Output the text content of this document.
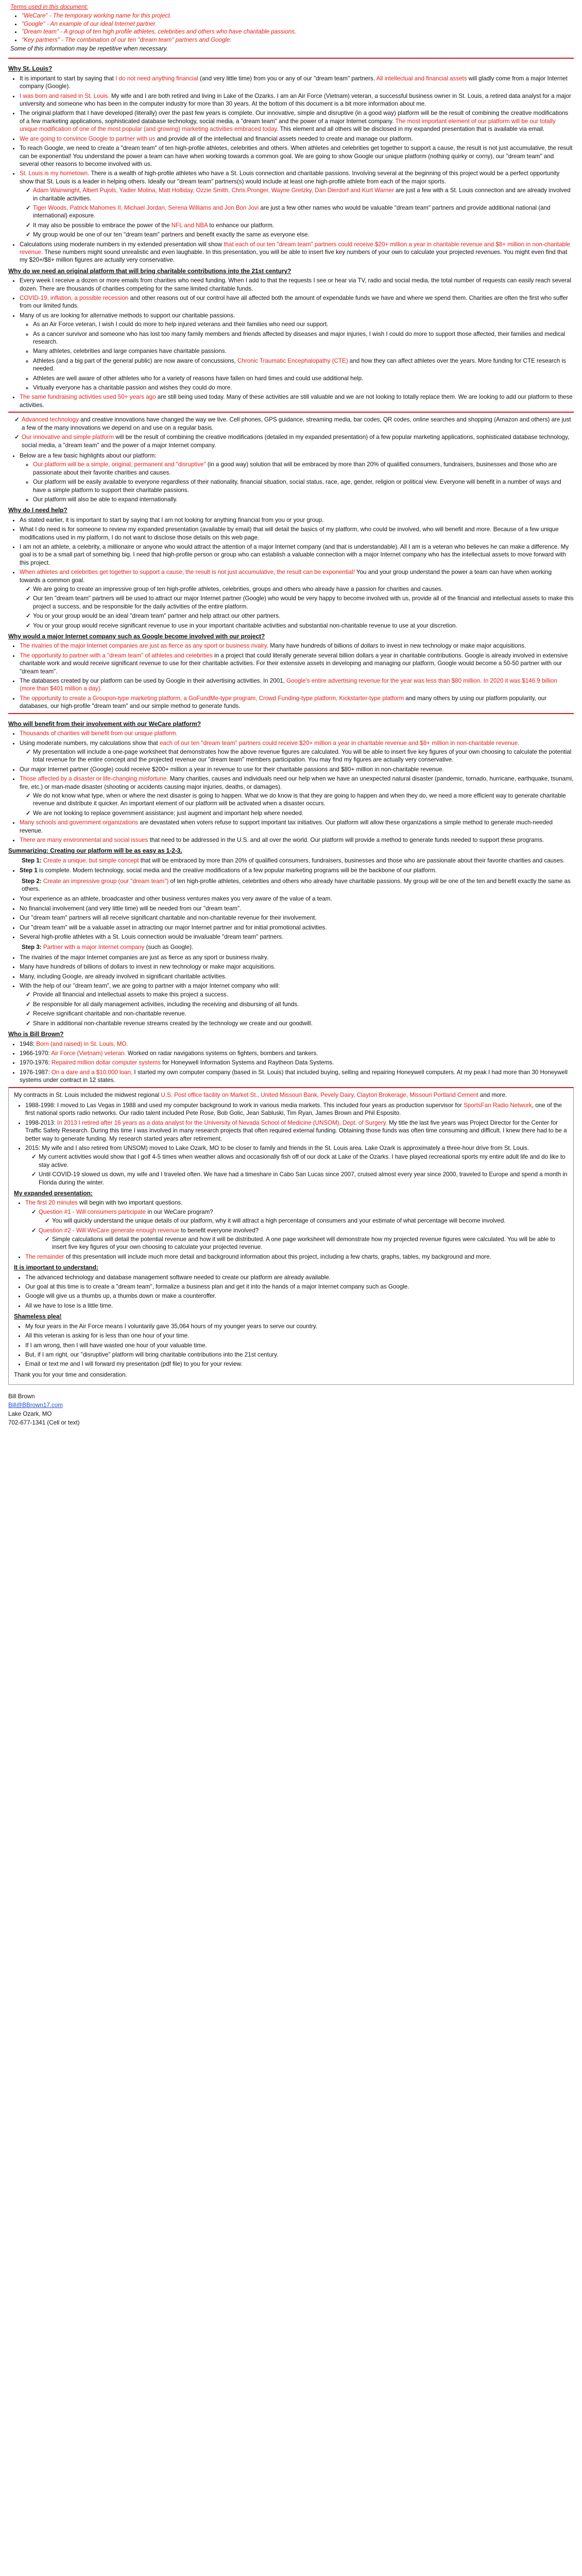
Terms used in this document:

• "WeCare" - The temporary working name for this project.
• "Google" - An example of our ideal Internet partner.
• "Dream team" - A group of ten high profile athletes, celebrities and others who have charitable passions.
• "Key partners" - The combination of our ten "dream team" partners and Google.

Some of this information may be repetitive when necessary.

Why St. Louis?
• It is important to start by saying that I do not need anything financial (and very little time) from you or any of our "dream team" partners. All intellectual and financial assets will gladly come from a major Internet company (Google).
• I was born and raised in St. Louis. My wife and I are both retired and living in Lake of the Ozarks. I am an Air Force (Vietnam) veteran, a successful business owner in St. Louis, a retired data analyst for a major university and someone who has been in the computer industry for more than 30 years. At the bottom of this document is a bit more information about me.
• The original platform that I have developed (literally) over the past few years is complete. Our innovative, simple and disruptive (in a good way) platform will be the result of combining the creative modifications of a few marketing applications, sophisticated database technology, social media, a "dream team" and the power of a major Internet company. The most important element of our platform will be our totally unique modification of one of the most popular (and growing) marketing activities embraced today. This element and all others will be disclosed in my expanded presentation that is available via email.
• We are going to convince Google to partner with us and provide all of the intellectual and financial assets needed to create and manage our platform.
• To reach Google, we need to create a "dream team" of ten high-profile athletes, celebrities and others. When athletes and celebrities get together to support a cause, the result is not just accumulative, the result can be exponential! You understand the power a team can have when working towards a common goal. We are going to show Google our unique platform (nothing quirky or corny), our "dream team" and several other reasons to become involved with us.
• St. Louis is my hometown. There is a wealth of high-profile athletes who have a St. Louis connection and charitable passions. Involving several at the beginning of this project would be a perfect opportunity show that St. Louis is a leader in helping others. Ideally our "dream team" partners(s) would include at least one high-profile athlete from each of the major sports.
✓ Adam Wainwright, Albert Pujols, Yadier Molina, Matt Holliday, Ozzie Smith, Chris Pronger, Wayne Gretzky, Dan Dierdorf and Kurt Warner are just a few with a St. Louis connection and are already involved in charitable activities.
✓ Tiger Woods, Patrick Mahomes II, Michael Jordan, Serena Williams and Jon Bon Jovi are just a few other names who would be valuable "dream team" partners and provide additional national (and international) exposure.
✓ It may also be possible to embrace the power of the NFL and NBA to enhance our platform.
✓ My group would be one of our ten "dream team" partners and benefit exactly the same as everyone else.
• Calculations using moderate numbers in my extended presentation will show that each of our ten "dream team" partners could receive $20+ million a year in charitable revenue and $8+ million in non-charitable revenue. These numbers might sound unrealistic and even laughable. In this presentation, you will be able to insert five key numbers of your own to calculate your projected revenues. You might even find that my $20+/$8+ million figures are actually very conservative.
Why do we need an original platform that will bring charitable contributions into the 21st century?
• Every week I receive a dozen or more emails from charities who need funding. When I add to that the requests I see or hear via TV, radio and social media, the total number of requests can easily reach several dozen. There are thousands of charities competing for the same limited charitable funds.
• COVID-19, inflation, a possible recession and other reasons out of our control have all affected both the amount of expendable funds we have and where we spend them. Charities are often the first who suffer from our limited funds.
• Many of us are looking for alternative methods to support our charitable passions.
◦ As an Air Force veteran, I wish I could do more to help injured veterans and their families who need our support.
◦ As a cancer survivor and someone who has lost too many family members and friends affected by diseases and major injuries, I wish I could do more to support those affected, their families and medical research.
◦ Many athletes, celebrities and large companies have charitable passions.
◦ Athletes (and a big part of the general public) are now aware of concussions, Chronic Traumatic Encephalopathy (CTE) and how they can affect athletes over the years. More funding for CTE research is needed.
◦ Athletes are well aware of other athletes who for a variety of reasons have fallen on hard times and could use additional help.
◦ Virtually everyone has a charitable passion and wishes they could do more.
• The same fundraising activities used 50+ years ago are still being used today. Many of these activities are still valuable and we are not looking to totally replace them. We are looking to add our platform to these activities.
✓ Advanced technology and creative innovations have changed the way we live. Cell phones, GPS guidance, streaming media, bar codes, QR codes, online searches and shopping (Amazon and others) are just a few of the many innovations we depend on and use on a regular basis.
✓ Our innovative and simple platform will be the result of combining the creative modifications (detailed in my expanded presentation) of a few popular marketing applications, sophisticated database technology, social media, a "dream team" and the power of a major Internet company.
• Below are a few basic highlights about our platform:
◦ Our platform will be a simple, original, permanent and "disruptive" (in a good way) solution that will be embraced by more than 20% of qualified consumers, fundraisers, businesses and those who are passionate about their favorite charities and causes.
◦ Our platform will be easily available to everyone regardless of their nationality, financial situation, social status, race, age, gender, religion or political view. Everyone will benefit in a number of ways and have a simple platform to support their charitable passions.
◦ Our platform will also be able to expand internationally.
Why do I need help?
• As stated earlier, it is important to start by saying that I am not looking for anything financial from you or your group.
• What I do need is for someone to review my expanded presentation (available by email) that will detail the basics of my platform, who could be involved, who will benefit and more. Because of a few unique modifications used in my platform, I do not want to disclose those details on this web page.
• I am not an athlete, a celebrity, a millionaire or anyone who would attract the attention of a major Internet company (and that is understandable). All I am is a veteran who believes he can make a difference. My goal is to be a small part of something big. I need that high-profile person or group who can establish a valuable connection with a major Internet company who has the intellectual assets to move forward with this project.
• When athletes and celebrities get together to support a cause, the result is not just accumulative, the result can be exponential! You and your group understand the power a team can have when working towards a common goal.
✓ We are going to create an impressive group of ten high-profile athletes, celebrities, groups and others who already have a passion for charities and causes.
✓ Our ten "dream team" partners will be used to attract our major Internet partner (Google) who would be very happy to become involved with us, provide all of the financial and intellectual assets to make this project a success, and be responsible for the daily activities of the entire platform.
✓ You or your group would be an ideal "dream team" partner and help attract our other partners.
✓ You or your group would receive significant revenue to use in your important charitable activities and substantial non-charitable revenue to use at your discretion.
Why would a major Internet company such as Google become involved with our project?
• The rivalries of the major Internet companies are just as fierce as any sport or business rivalry. Many have hundreds of billions of dollars to invest in new technology or make major acquisitions.
• The opportunity to partner with a "dream team" of athletes and celebrities in a project that could literally generate several billion dollars a year in charitable contributions. Google is already involved in extensive charitable work and would receive significant revenue to use for their charitable activities. For their extensive assets in developing and managing our platform, Google would become a 50-50 partner with our "dream team".
• The databases created by our platform can be used by Google in their advertising activities. In 2001, Google's entire advertising revenue for the year was less than $80 million. In 2020 it was $146.9 billion (more than $401 million a day).
• The opportunity to create a Groupon-type marketing platform, a GoFundMe-type program, Crowd Funding-type platform, Kickstarter-type platform and many others by using our platform popularity, our databases, our high-profile "dream team" and our simple method to generate funds.
Who will benefit from their involvement with our WeCare platform?
• Thousands of charities will benefit from our unique platform.
• Using moderate numbers, my calculations show that each of our ten "dream team" partners could receive $20+ million a year in charitable revenue and $8+ million in non-charitable revenue.
✓ My presentation will include a one-page worksheet that demonstrates how the above revenue figures are calculated. You will be able to insert five key figures of your own choosing to calculate the potential total revenue for the entire concept and the projected revenue our "dream team" members participation. You may find my figures are actually very conservative.
• Our major Internet partner (Google) could receive $200+ million a year in revenue to use for their charitable passions and $80+ million in non-charitable revenue.
• Those affected by a disaster or life-changing misfortune. Many charities, causes and individuals need our help when we have an unexpected natural disaster (pandemic, tornado, hurricane, earthquake, tsunami, fire, etc.) or man-made disaster (shooting or accidents causing major injuries, deaths, or damages).
✓ We do not know what type, when or where the next disaster is going to happen. What we do know is that they are going to happen and when they do, we need a more efficient way to generate charitable revenue and distribute it quicker. An important element of our platform will be activated when a disaster occurs.
✓ We are not looking to replace government assistance; just augment and important help where needed.
• Many schools and government organizations are devastated when voters refuse to support important tax initiatives. Our platform will allow these organizations a simple method to generate much-needed revenue.
• There are many environmental and social issues that need to be addressed in the U.S. and all over the world. Our platform will provide a method to generate funds needed to support these programs.
Summarizing: Creating our platform will be as easy as 1-2-3.
Step 1: Create a unique, but simple concept that will be embraced by more than 20% of qualified consumers, fundraisers, businesses and those who are passionate about their favorite charities and causes.
• Step 1 is complete. Modern technology, social media and the creative modifications of a few popular marketing programs will be the backbone of our platform.
Step 2: Create an impressive group (our "dream team") of ten high-profile athletes, celebrities and others who already have charitable passions. My group will be one of the ten and benefit exactly the same as others.
• Your experience as an athlete, broadcaster and other business ventures makes you very aware of the value of a team.
• No financial involvement (and very little time) will be needed from our "dream team".
• Our "dream team" partners will all receive significant charitable and non-charitable revenue for their involvement.
• Our "dream team" will be a valuable asset in attracting our major Internet partner and for initial promotional activities.
• Several high-profile athletes with a St. Louis connection would be invaluable "dream team" partners.
Step 3: Partner with a major Internet company (such as Google).
• The rivalries of the major Internet companies are just as fierce as any sport or business rivalry.
• Many have hundreds of billions of dollars to invest in new technology or make major acquisitions.
• Many, including Google, are already involved in significant charitable activities.
• With the help of our "dream team", we are going to partner with a major Internet company who will:
✓ Provide all financial and intellectual assets to make this project a success.
✓ Be responsible for all daily management activities, including the receiving and disbursing of all funds.
✓ Receive significant charitable and non-charitable revenue.
✓ Share in additional non-charitable revenue streams created by the technology we create and our goodwill.
Who is Bill Brown?
• 1948: Born (and raised) in St. Louis, MO.
• 1966-1970: Air Force (Vietnam) veteran. Worked on radar navigations systems on fighters, bombers and tankers.
• 1970-1976: Repaired million dollar computer systems for Honeywell Information Systems and Raytheon Data Systems.
• 1976-1987: On a dare and a $10,000 loan, I started my own computer company (based in St. Louis) that included buying, selling and repairing Honeywell computers. At my peak I had more than 30 Honeywell systems under contract in 12 states.

My contracts in St. Louis included the midwest regional U.S. Post office facility on Market St., United Missouri Bank, Pevely Dairy, Clayton Brokerage, Missouri Portland Cement and more.

• 1988-1998: I moved to Las Vegas in 1988 and used my computer background to work in various media markets. This included four years as production supervisor for SportsFan Radio Network, one of the first national sports radio networks. Our radio talent included Pete Rose, Bob Golic, Jean Sabluski, Tim Ryan, James Brown and Phil Esposito.
• 1998-2013: In 2013 I retired after 16 years as a data analyst for the University of Nevada School of Medicine (UNSOM), Dept. of Surgery. My title the last five years was Project Director for the Center for Traffic Safety Research. During this time I was involved in many research projects that often required external funding. Obtaining those funds was often time consuming and difficult. I knew there had to be a better way to generate funding. My research started years after retirement.
• 2015: My wife and I also retired from UNSOM) moved to Lake Ozark, MO to be closer to family and friends in the St. Louis area. Lake Ozark is approximately a three-hour drive from St. Louis.
✓ My current activities would show that I golf 4-5 times when weather allows and occasionally fish off of our dock at Lake of the Ozarks. I have played recreational sports my entire adult life and do like to stay active.
✓ Until COVID-19 slowed us down, my wife and I traveled often. We have had a timeshare in Cabo San Lucas since 2007, cruised almost every year since 2000, traveled to Europe and spend a month in Florida during the winter.
My expanded presentation:
• The first 20 minutes will begin with two important questions.
✓ Question #1 - Will consumers participate in our WeCare program?
✓ You will quickly understand the unique details of our platform, why it will attract a high percentage of consumers and your estimate of what percentage will become involved.
✓ Question #2 - Will WeCare generate enough revenue to benefit everyone involved?
✓ Simple calculations will detail the potential revenue and how it will be distributed. A one page worksheet will demonstrate how my projected revenue figures were calculated. You will be able to insert five key figures of your own choosing to calculate your projected revenue.
• The remainder of this presentation will include much more detail and background information about this project, including a few charts, graphs, tables, my background and more.
It is important to understand:
• The advanced technology and database management software needed to create our platform are already available.
• Our goal at this time is to create a "dream team", formalize a business plan and get it into the hands of a major Internet company such as Google.
• Google will give us a thumbs up, a thumbs down or make a counteroffer.
• All we have to lose is a little time.
Shameless plea!
• My four years in the Air Force means I voluntarily gave 35,064 hours of my younger years to serve our country.
• All this veteran is asking for is less than one hour of your time.
• If I am wrong, then I will have wasted one hour of your valuable time.
• But, if I am right, our "disruptive" platform will bring charitable contributions into the 21st century.
• Email or text me and I will forward my presentation (pdf file) to you for your review.

Thank you for your time and consideration.

Bill Brown
Bill@BBrown17.com
Lake Ozark, MO
702-677-1341 (Cell or text)
